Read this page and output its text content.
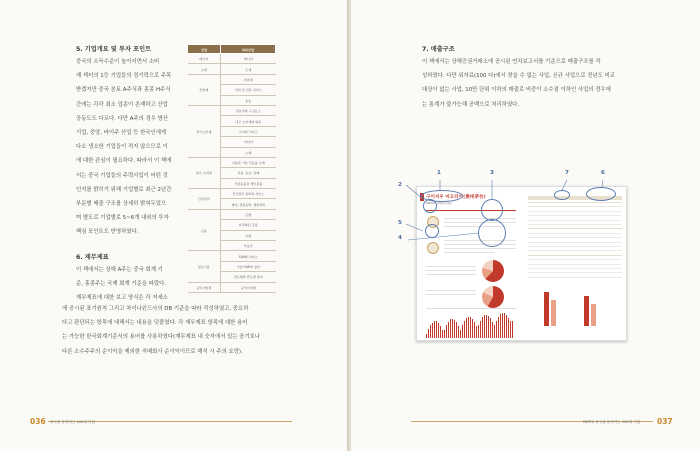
5. 기업개요 및 투자 포인트

중국의 소득수준이 높아지면서 소비

재 섹터의 1등 기업들의 경기력으로 주목

받겠지만 중국 본토 A주식과 홍콩 H주식

간에는 각각 최소 업종이 존재하고 산업

공동도도 다르다. 다만 A주의 경우 방산

기업, 중앙, 바이주 산업 등 한국인에게

다소 생소한 기업들이 적지 않으므로 이

에 대한 관심이 필요하다. 따라서 이 책에

서는 중국 기업들의 주력사업이 어떤 것

인지를 밝히기 위해 기업별로 최근 2년간

부문별 매출 구조를 상세히 밝혀두었으

며 별도로 기업별로 5~6개 내외의 투자

핵심 포인트도 반영하였다.

산업	하부산업
에너지	에너지
소재	소재
산업재	자본재
	상업 및 전문 서비스
	운송
경기소비재	자동차와 구성요소
	내구 소비재와 의류
	소비자 서비스
	미디어
	소매
필수 소비재	식품과 기본 식료품 소매
	식품, 음료, 담배
	가정용품과 개인용품
건강관리	건강관리 장비와 서비스
	제약, 생물공학, 생명과학
금융	은행
	다각화된 금융
	보험
	부동산
정보기술	S/W와 서비스
	기술 H/W와 장비
	반도체와 반도체 장비
공익사업체	공익사업체
6. 재무제표

이 책에서는 상해 A주는 중국 회계 기

준, 홍콩주는 국제 회계 기준을 따랐다.

재무제표에 대한 보고 양식은 각 저세소

에 공시된 표기원칙 그리고 차이나윈드사의 DB 기준을 따라 작성하였고, 중요하

다고 판단되는 항목에 대해서는 내용을 덧붙였다. 각 재무제표 항목에 대한 용어

는 가능한 한국회계기준서의 용어를 사용하였다(재무제표 내 숫자에서 있는 음기호나

다른 소수주주의 순이익을 제외한 지배회사 순이익이므로 해석 시 주의 요망).

036 중국을 움직이는 100대 기업
7. 매출구조

이 책에서는 상해증권거래소에 공시된 연차보고서를 기준으로 매출구조를 작

성하였다. 다만 위자료(100 다)에서 찾을 수 없는 사업, 신규 사업으로 전년도 비교

대상이 없는 사업, 10만 단위 이하의 매출로 비중이 소수점 이하인 사업의 경우에

는 통계가 불가능해 공백으로 처리하였다.

PART2 중국을 움직이는 100대 기업 037
구이저우 마오타이(贵州茅台)
600519 · 상해증권거래소
1
2
3
4
5
6
7
